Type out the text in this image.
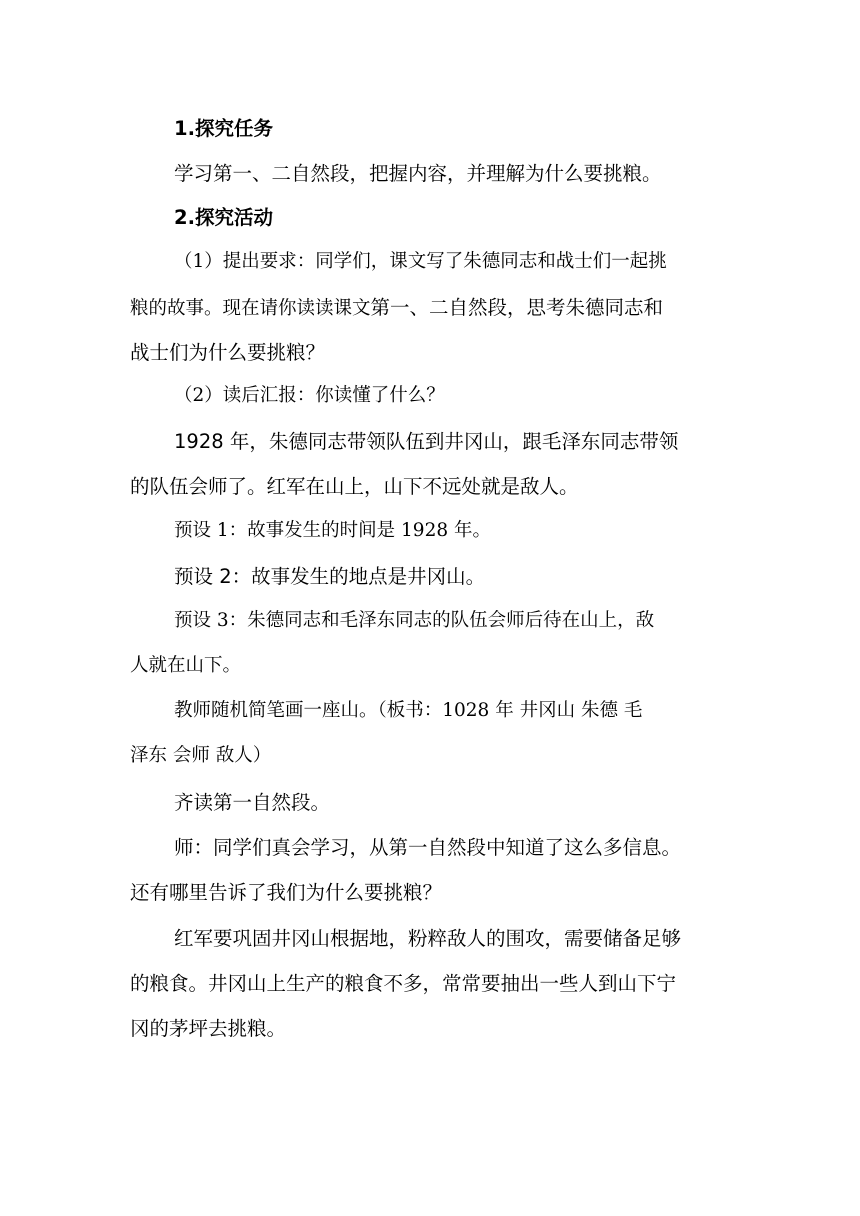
1.探究任务
学习第一、二自然段，把握内容，并理解为什么要挑粮。
2.探究活动
（1）提出要求：同学们，课文写了朱德同志和战士们一起挑
粮的故事。现在请你读读课文第一、二自然段，思考朱德同志和
战士们为什么要挑粮？
（2）读后汇报：你读懂了什么？
1928 年，朱德同志带领队伍到井冈山，跟毛泽东同志带领
的队伍会师了。红军在山上，山下不远处就是敌人。
预设 1：故事发生的时间是 1928 年。
预设 2：故事发生的地点是井冈山。
预设 3：朱德同志和毛泽东同志的队伍会师后待在山上，敌
人就在山下。
教师随机简笔画一座山。（板书：1028 年 井冈山 朱德 毛
泽东 会师 敌人）
齐读第一自然段。
师：同学们真会学习，从第一自然段中知道了这么多信息。
还有哪里告诉了我们为什么要挑粮？
红军要巩固井冈山根据地，粉粹敌人的围攻，需要储备足够
的粮食。井冈山上生产的粮食不多，常常要抽出一些人到山下宁
冈的茅坪去挑粮。
